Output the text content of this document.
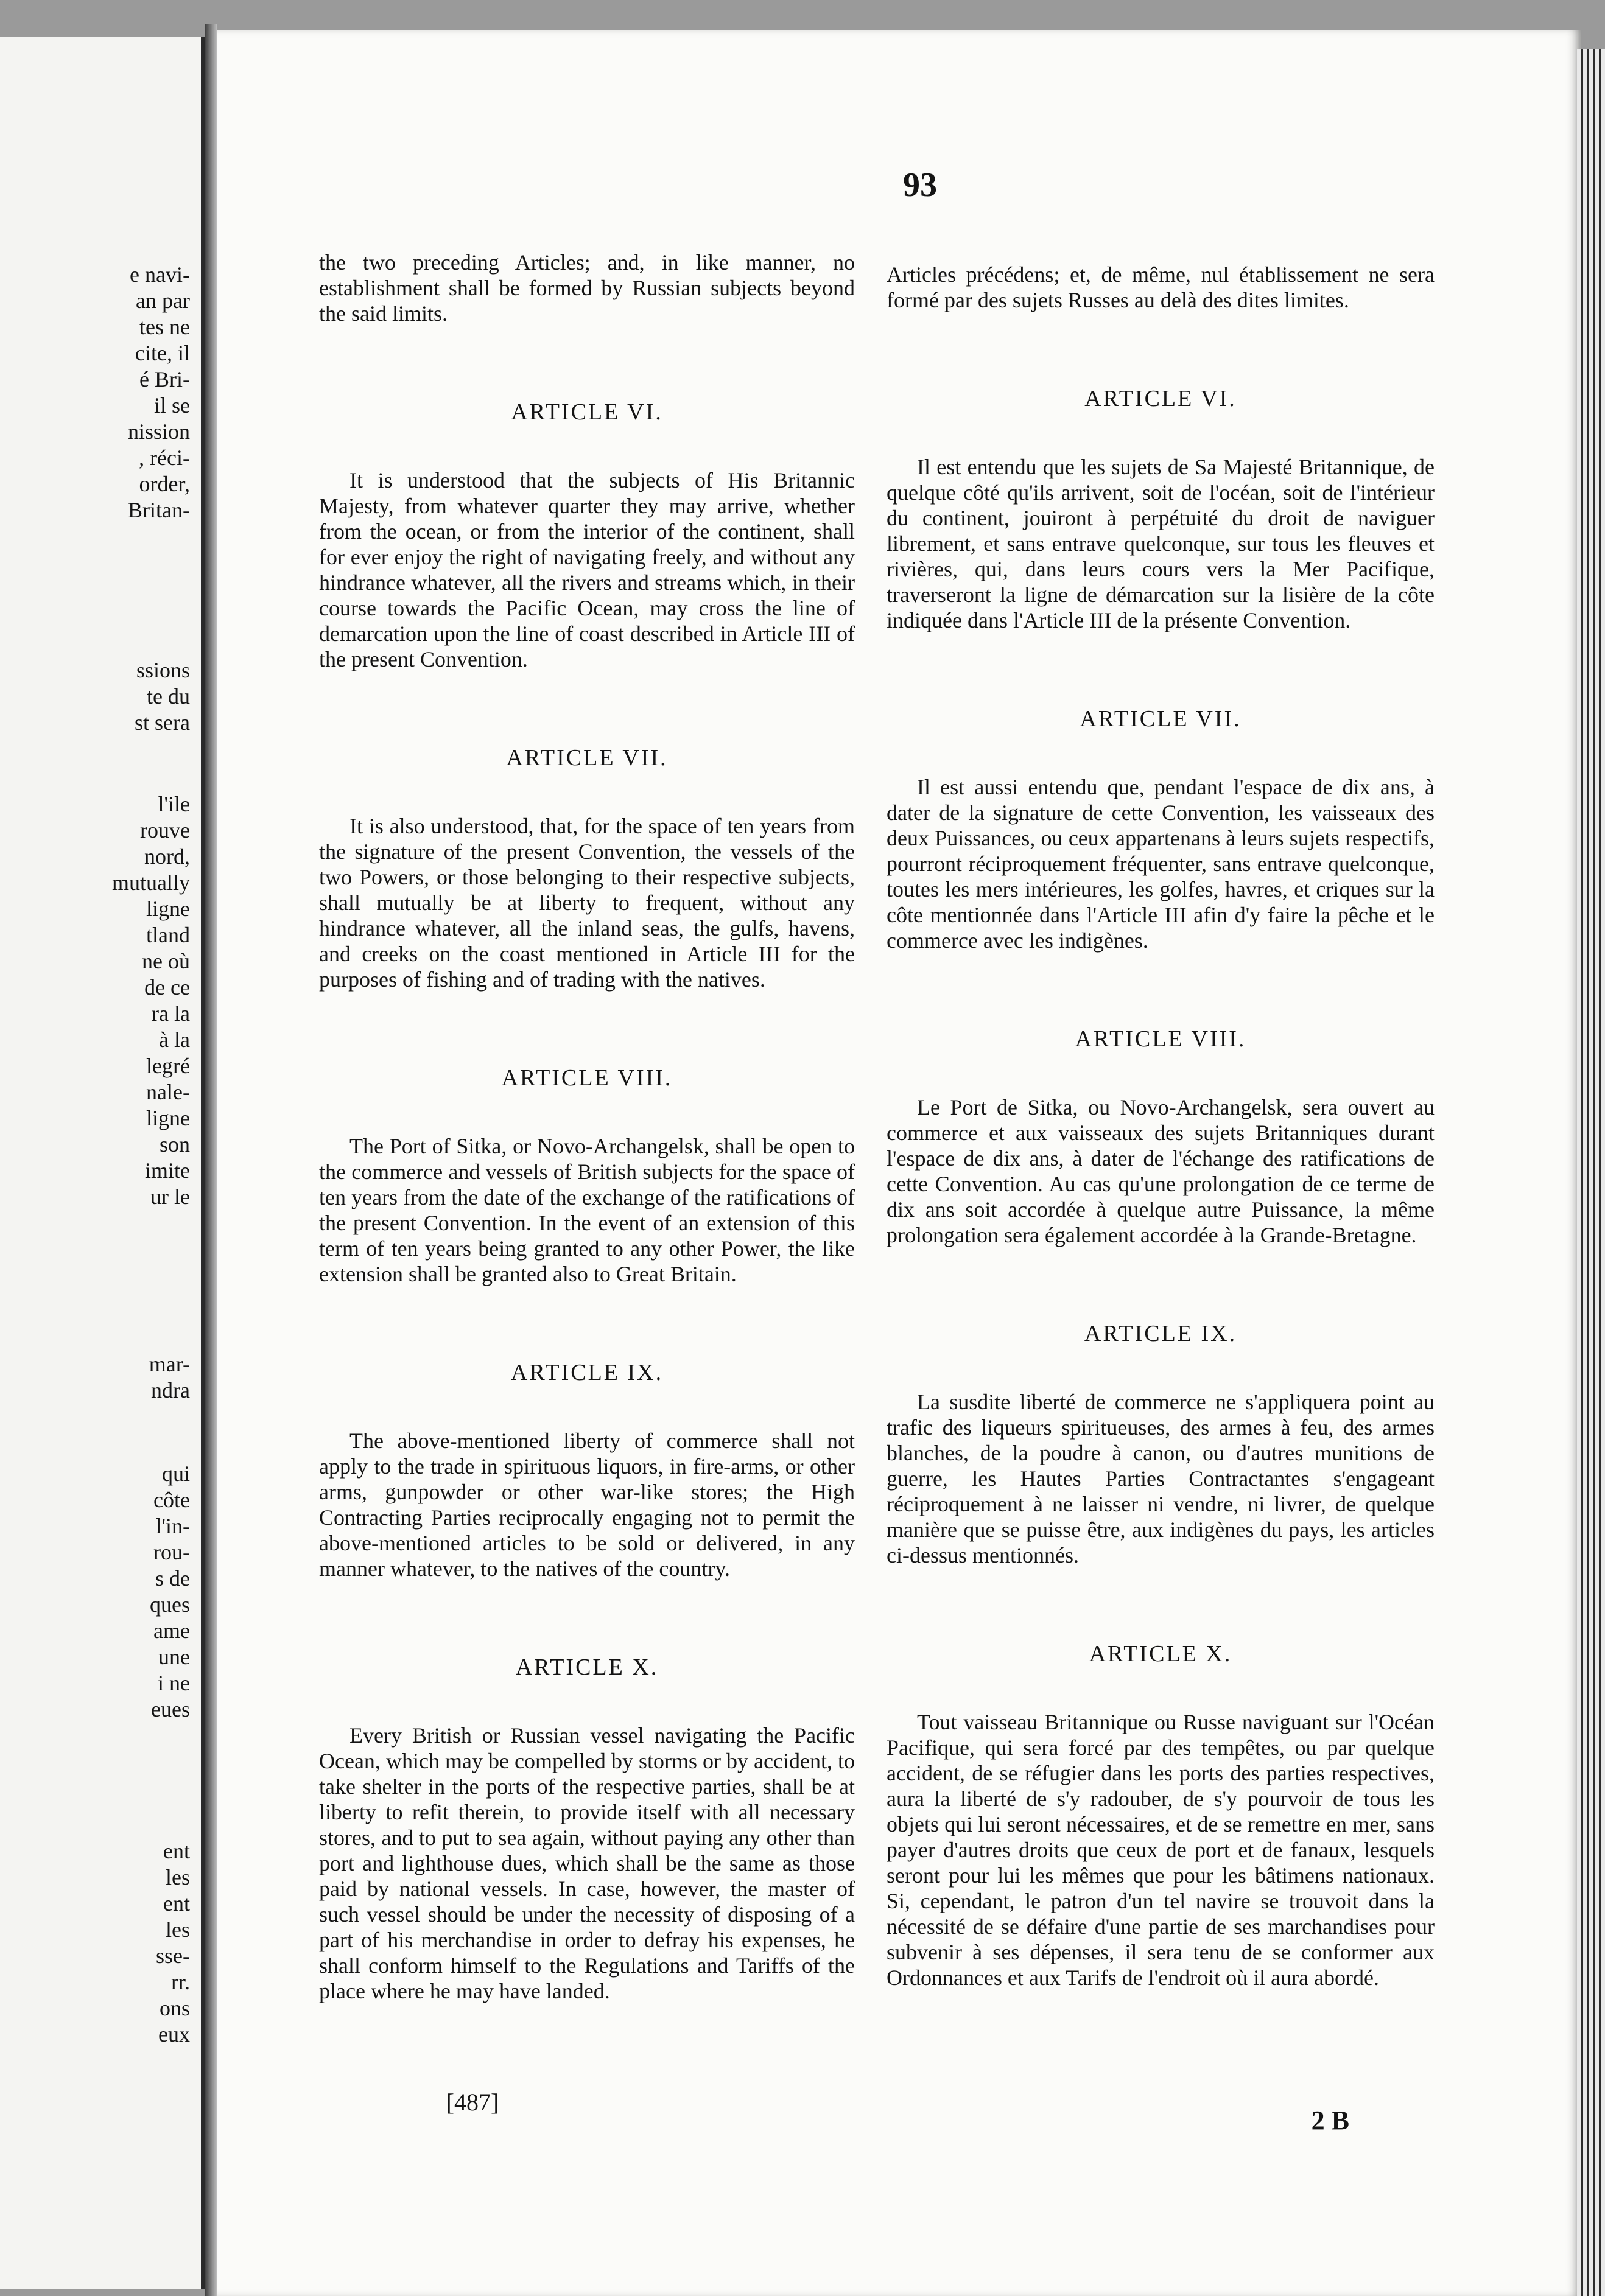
e navi-
an par
tes ne
cite, il
é Bri-
il se
nission
, réci-
order,
Britan-
ssions
te du
st sera
l'ile
rouve
nord,
mutually
ligne
tland
ne où
de ce
ra la
à la
legré
nale-
ligne
son
imite
ur le
mar-
ndra
qui
côte
l'in-
rou-
s de
ques
ame
une
i ne
eues
ent
les
ent
les
sse-
rr.
ons
eux
93

the two preceding Articles; and, in like manner, no establishment shall be formed by Russian subjects beyond the said limits.

ARTICLE VI.

It is understood that the subjects of His Britannic Majesty, from whatever quarter they may arrive, whether from the ocean, or from the interior of the continent, shall for ever enjoy the right of navigating freely, and without any hindrance whatever, all the rivers and streams which, in their course towards the Pacific Ocean, may cross the line of demarcation upon the line of coast described in Article III of the present Convention.

ARTICLE VII.

It is also understood, that, for the space of ten years from the signature of the present Convention, the vessels of the two Powers, or those belonging to their respective subjects, shall mutually be at liberty to frequent, without any hindrance whatever, all the inland seas, the gulfs, havens, and creeks on the coast mentioned in Article III for the purposes of fishing and of trading with the natives.

ARTICLE VIII.

The Port of Sitka, or Novo-Archangelsk, shall be open to the commerce and vessels of British subjects for the space of ten years from the date of the exchange of the ratifications of the present Convention. In the event of an extension of this term of ten years being granted to any other Power, the like extension shall be granted also to Great Britain.

ARTICLE IX.

The above-mentioned liberty of commerce shall not apply to the trade in spirituous liquors, in fire-arms, or other arms, gunpowder or other war-like stores; the High Contracting Parties reciprocally engaging not to permit the above-mentioned articles to be sold or delivered, in any manner whatever, to the natives of the country.

ARTICLE X.

Every British or Russian vessel navigating the Pacific Ocean, which may be compelled by storms or by accident, to take shelter in the ports of the respective parties, shall be at liberty to refit therein, to provide itself with all necessary stores, and to put to sea again, without paying any other than port and lighthouse dues, which shall be the same as those paid by national vessels. In case, however, the master of such vessel should be under the necessity of disposing of a part of his merchandise in order to defray his expenses, he shall conform himself to the Regulations and Tariffs of the place where he may have landed.

Articles précédens; et, de même, nul établissement ne sera formé par des sujets Russes au delà des dites limites.

ARTICLE VI.

Il est entendu que les sujets de Sa Majesté Britannique, de quelque côté qu'ils arrivent, soit de l'océan, soit de l'intérieur du continent, jouiront à perpétuité du droit de naviguer librement, et sans entrave quelconque, sur tous les fleuves et rivières, qui, dans leurs cours vers la Mer Pacifique, traverseront la ligne de démarcation sur la lisière de la côte indiquée dans l'Article III de la présente Convention.

ARTICLE VII.

Il est aussi entendu que, pendant l'espace de dix ans, à dater de la signature de cette Convention, les vaisseaux des deux Puissances, ou ceux appartenans à leurs sujets respectifs, pourront réciproquement fréquenter, sans entrave quelconque, toutes les mers intérieures, les golfes, havres, et criques sur la côte mentionnée dans l'Article III afin d'y faire la pêche et le commerce avec les indigènes.

ARTICLE VIII.

Le Port de Sitka, ou Novo-Archangelsk, sera ouvert au commerce et aux vaisseaux des sujets Britanniques durant l'espace de dix ans, à dater de l'échange des ratifications de cette Convention. Au cas qu'une prolongation de ce terme de dix ans soit accordée à quelque autre Puissance, la même prolongation sera également accordée à la Grande-Bretagne.

ARTICLE IX.

La susdite liberté de commerce ne s'appliquera point au trafic des liqueurs spiritueuses, des armes à feu, des armes blanches, de la poudre à canon, ou d'autres munitions de guerre, les Hautes Parties Contractantes s'engageant réciproquement à ne laisser ni vendre, ni livrer, de quelque manière que se puisse être, aux indigènes du pays, les articles ci-dessus mentionnés.

ARTICLE X.

Tout vaisseau Britannique ou Russe naviguant sur l'Océan Pacifique, qui sera forcé par des tempêtes, ou par quelque accident, de se réfugier dans les ports des parties respectives, aura la liberté de s'y radouber, de s'y pourvoir de tous les objets qui lui seront nécessaires, et de se remettre en mer, sans payer d'autres droits que ceux de port et de fanaux, lesquels seront pour lui les mêmes que pour les bâtimens nationaux. Si, cependant, le patron d'un tel navire se trouvoit dans la nécessité de se défaire d'une partie de ses marchandises pour subvenir à ses dépenses, il sera tenu de se conformer aux Ordonnances et aux Tarifs de l'endroit où il aura abordé.

[487]
2 B
